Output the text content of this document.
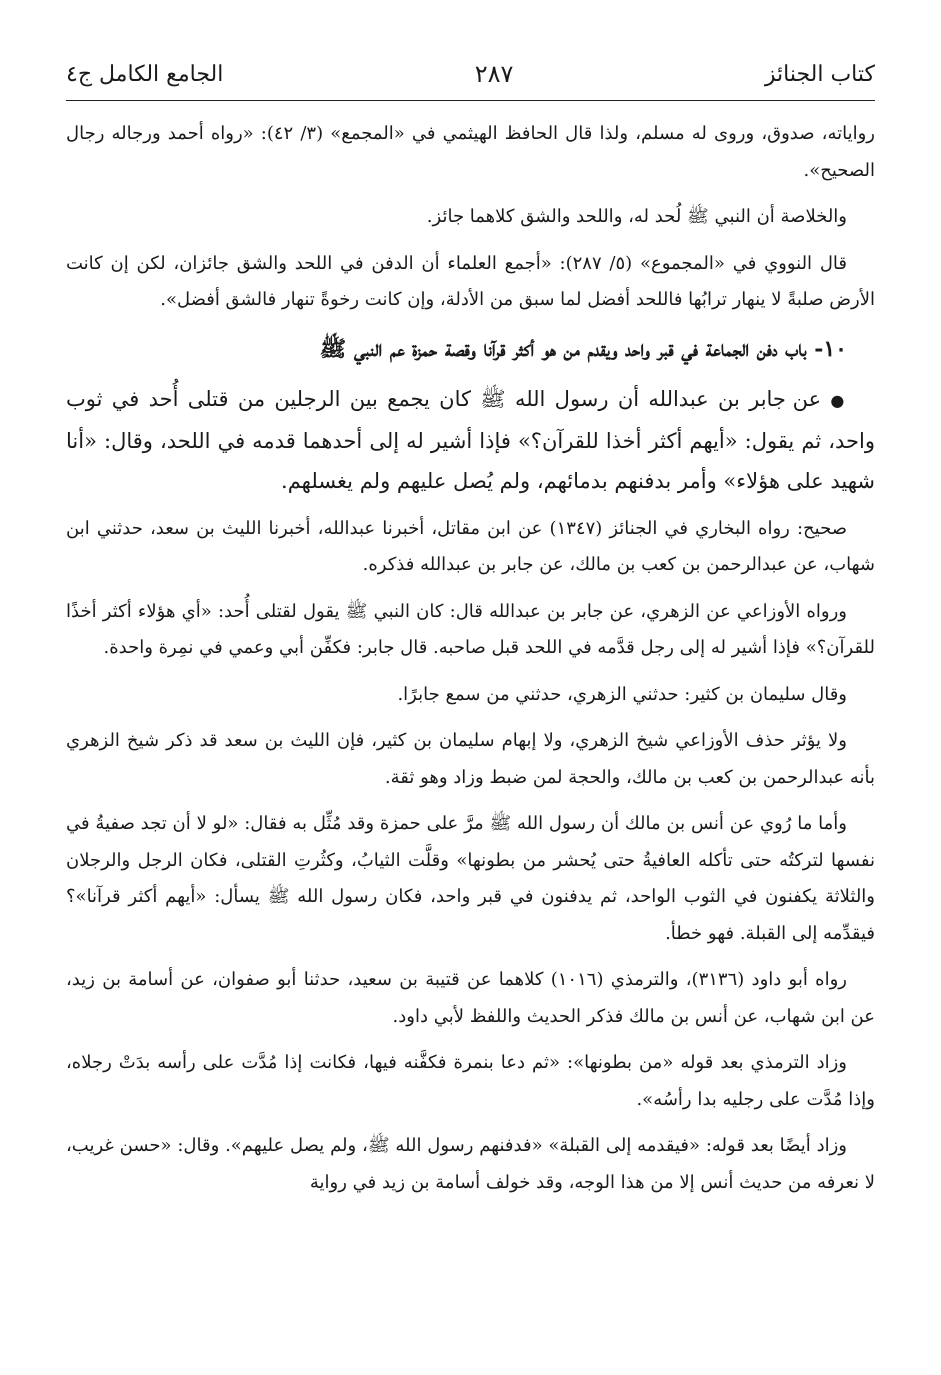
كتاب الجنائز
٢٨٧
الجامع الكامل ج٤

رواياته، صدوق، وروى له مسلم، ولذا قال الحافظ الهيثمي في «المجمع» (٣/ ٤٢): «رواه أحمد ورجاله رجال الصحيح».

والخلاصة أن النبي ﷺ لُحد له، واللحد والشق كلاهما جائز.

قال النووي في «المجموع» (٥/ ٢٨٧): «أجمع العلماء أن الدفن في اللحد والشق جائزان، لكن إن كانت الأرض صلبةً لا ينهار ترابُها فاللحد أفضل لما سبق من الأدلة، وإن كانت رخوةً تنهار فالشق أفضل».

١٠- باب دفن الجماعة في قبر واحد ويقدم من هو أكثر قرآنا وقصة حمزة عم النبي ﷺ

● عن جابر بن عبدالله أن رسول الله ﷺ كان يجمع بين الرجلين من قتلى أُحد في ثوب واحد، ثم يقول: «أيهم أكثر أخذا للقرآن؟» فإذا أشير له إلى أحدهما قدمه في اللحد، وقال: «أنا شهيد على هؤلاء» وأمر بدفنهم بدمائهم، ولم يُصل عليهم ولم يغسلهم.

صحيح: رواه البخاري في الجنائز (١٣٤٧) عن ابن مقاتل، أخبرنا عبدالله، أخبرنا الليث بن سعد، حدثني ابن شهاب، عن عبدالرحمن بن كعب بن مالك، عن جابر بن عبدالله فذكره.

ورواه الأوزاعي عن الزهري، عن جابر بن عبدالله قال: كان النبي ﷺ يقول لقتلى أُحد: «أي هؤلاء أكثر أخذًا للقرآن؟» فإذا أشير له إلى رجل قدَّمه في اللحد قبل صاحبه. قال جابر: فكفِّن أبي وعمي في نمِرة واحدة.

وقال سليمان بن كثير: حدثني الزهري، حدثني من سمع جابرًا.

ولا يؤثر حذف الأوزاعي شيخ الزهري، ولا إبهام سليمان بن كثير، فإن الليث بن سعد قد ذكر شيخ الزهري بأنه عبدالرحمن بن كعب بن مالك، والحجة لمن ضبط وزاد وهو ثقة.

وأما ما رُوي عن أنس بن مالك أن رسول الله ﷺ مرَّ على حمزة وقد مُثِّل به فقال: «لو لا أن تجد صفيةُ في نفسها لتركتُه حتى تأكله العافيةُ حتى يُحشر من بطونها» وقلَّت الثيابُ، وكثُرتِ القتلى، فكان الرجل والرجلان والثلاثة يكفنون في الثوب الواحد، ثم يدفنون في قبر واحد، فكان رسول الله ﷺ يسأل: «أيهم أكثر قرآنا»؟ فيقدِّمه إلى القبلة. فهو خطأ.

رواه أبو داود (٣١٣٦)، والترمذي (١٠١٦) كلاهما عن قتيبة بن سعيد، حدثنا أبو صفوان، عن أسامة بن زيد، عن ابن شهاب، عن أنس بن مالك فذكر الحديث واللفظ لأبي داود.

وزاد الترمذي بعد قوله «من بطونها»: «ثم دعا بنمرة فكفَّنه فيها، فكانت إذا مُدَّت على رأسه بدَتْ رجلاه، وإذا مُدَّت على رجليه بدا رأسُه».

وزاد أيضًا بعد قوله: «فيقدمه إلى القبلة» «فدفنهم رسول الله ﷺ، ولم يصل عليهم». وقال: «حسن غريب، لا نعرفه من حديث أنس إلا من هذا الوجه، وقد خولف أسامة بن زيد في رواية
